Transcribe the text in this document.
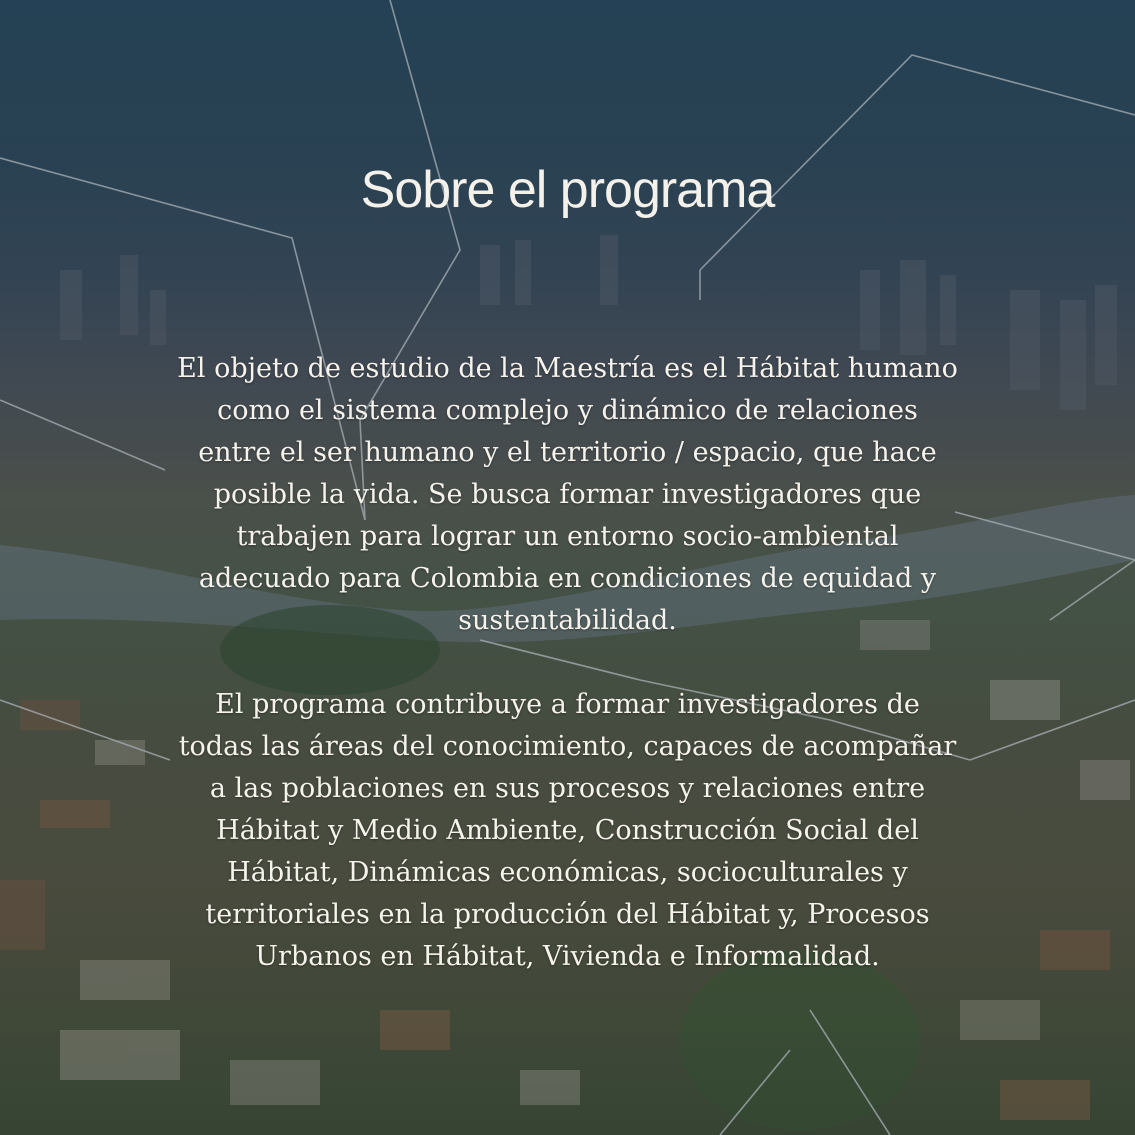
Sobre el programa

El objeto de estudio de la Maestría es el Hábitat humano
como el sistema complejo y dinámico de relaciones
entre el ser humano y el territorio / espacio, que hace
posible la vida. Se busca formar investigadores que
trabajen para lograr un entorno socio-ambiental
adecuado para Colombia en condiciones de equidad y
sustentabilidad.

El programa contribuye a formar investigadores de
todas las áreas del conocimiento, capaces de acompañar
a las poblaciones en sus procesos y relaciones entre
Hábitat y Medio Ambiente, Construcción Social del
Hábitat, Dinámicas económicas, socioculturales y
territoriales en la producción del Hábitat y, Procesos
Urbanos en Hábitat, Vivienda e Informalidad.
